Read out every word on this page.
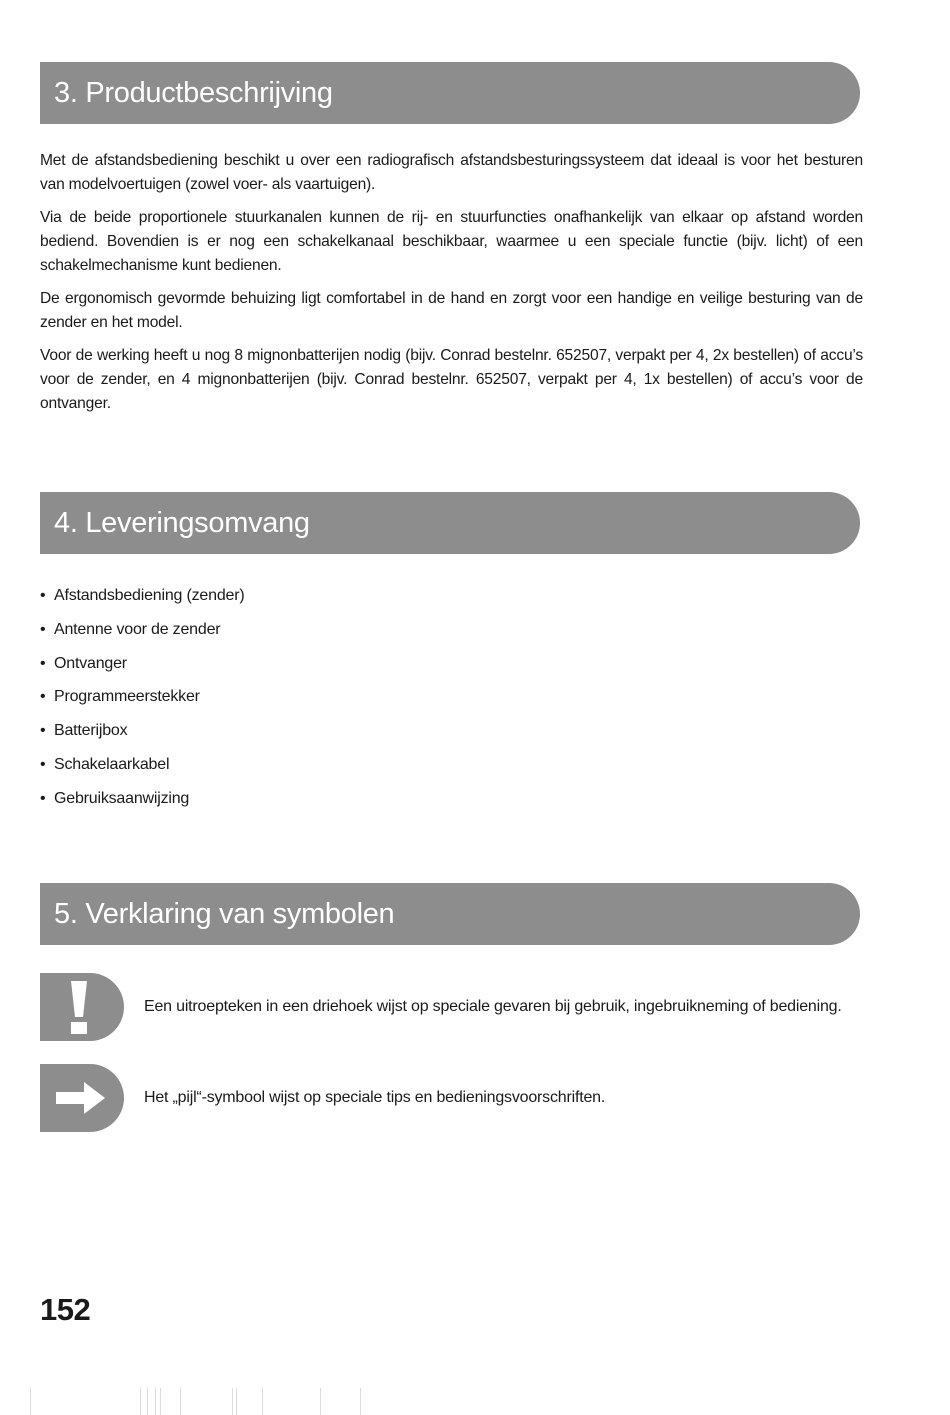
3. Productbeschrijving

Met de afstandsbediening beschikt u over een radiografisch afstandsbesturingssysteem dat ideaal is voor het besturen van modelvoertuigen (zowel voer- als vaartuigen).

Via de beide proportionele stuurkanalen kunnen de rij- en stuurfuncties onafhankelijk van elkaar op afstand worden bediend. Bovendien is er nog een schakelkanaal beschikbaar, waarmee u een speciale functie (bijv. licht) of een schakelmechanisme kunt bedienen.

De ergonomisch gevormde behuizing ligt comfortabel in de hand en zorgt voor een handige en veilige besturing van de zender en het model.

Voor de werking heeft u nog 8 mignonbatterijen nodig (bijv. Conrad bestelnr. 652507, verpakt per 4, 2x bestellen) of accu’s voor de zender, en 4 mignonbatterijen (bijv. Conrad bestelnr. 652507, verpakt per 4, 1x bestellen) of accu’s voor de ontvanger.

4. Leveringsomvang
• Afstandsbediening (zender)
• Antenne voor de zender
• Ontvanger
• Programmeerstekker
• Batterijbox
• Schakelaarkabel
• Gebruiksaanwijzing
5. Verklaring van symbolen
Een uitroepteken in een driehoek wijst op speciale gevaren bij gebruik, ingebruikneming of bediening.
Het „pijl“-symbool wijst op speciale tips en bedieningsvoorschriften.
152
